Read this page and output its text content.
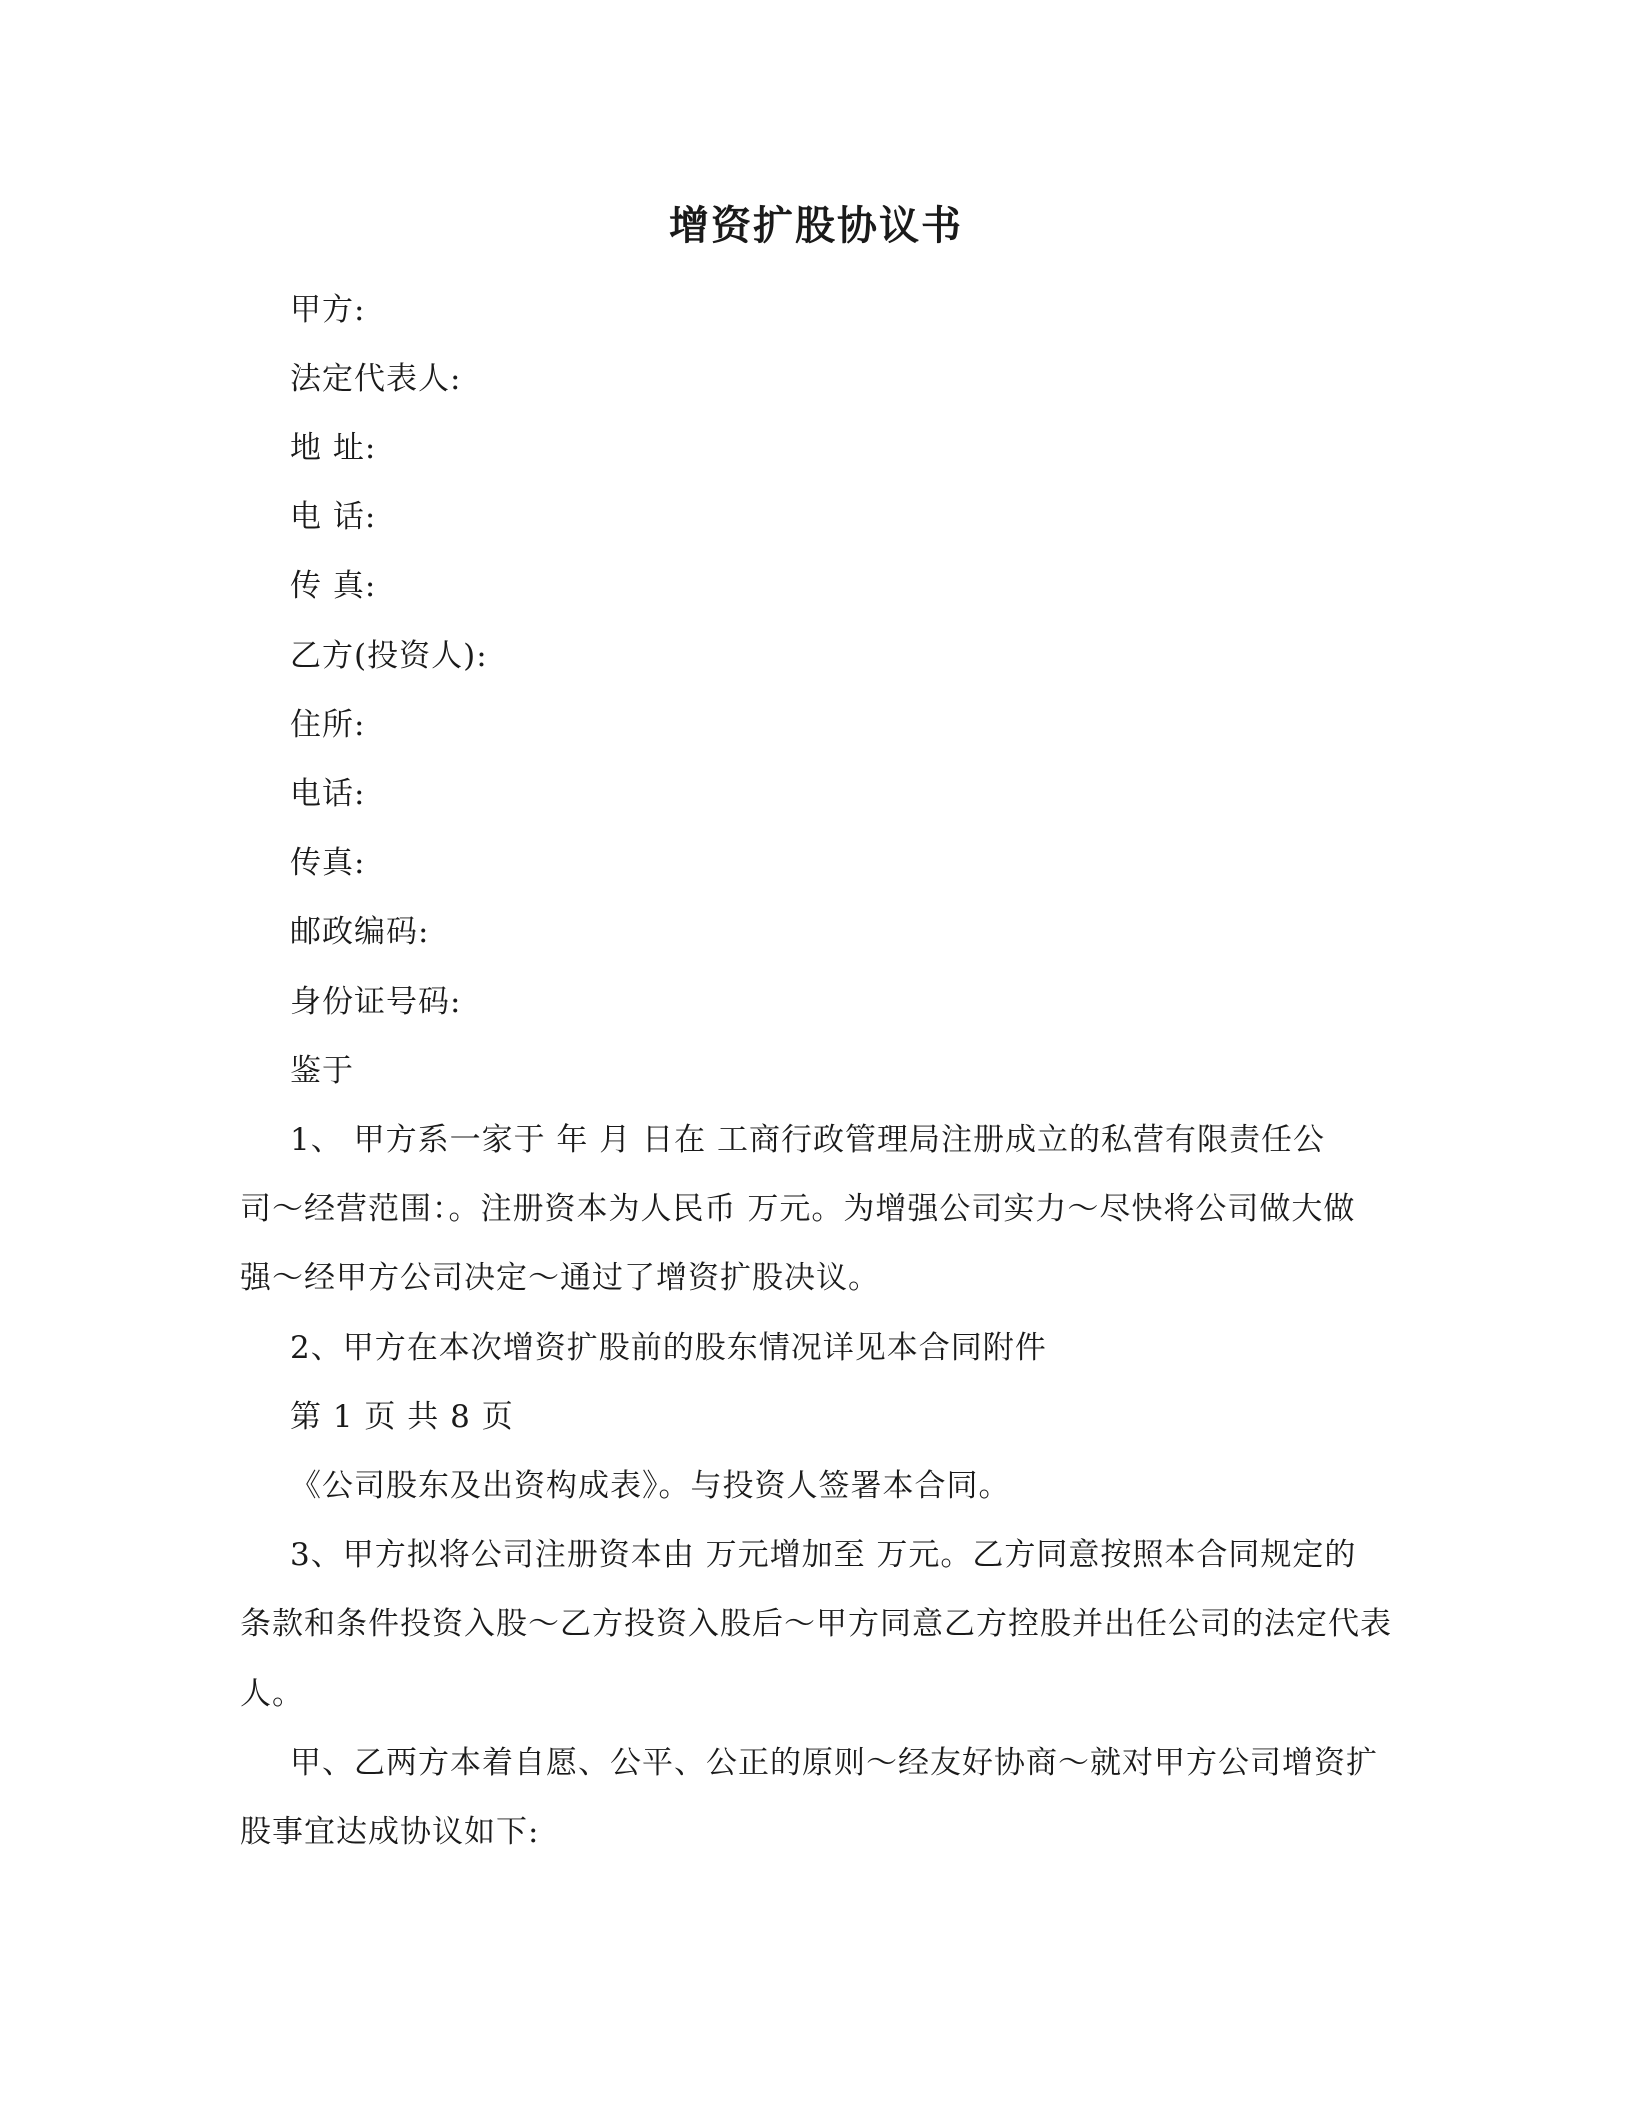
增资扩股协议书
甲方:
法定代表人:
地 址:
电 话:
传 真:
乙方(投资人):
住所:
电话:
传真:
邮政编码:
身份证号码:
鉴于
1、 甲方系一家于 年 月 日在 工商行政管理局注册成立的私营有限责任公
司～经营范围：。注册资本为人民币 万元。为增强公司实力～尽快将公司做大做
强～经甲方公司决定～通过了增资扩股决议。
2、甲方在本次增资扩股前的股东情况详见本合同附件
第 1 页 共 8 页
《公司股东及出资构成表》。与投资人签署本合同。
3、甲方拟将公司注册资本由 万元增加至 万元。乙方同意按照本合同规定的
条款和条件投资入股～乙方投资入股后～甲方同意乙方控股并出任公司的法定代表
人。
甲、乙两方本着自愿、公平、公正的原则～经友好协商～就对甲方公司增资扩
股事宜达成协议如下:
